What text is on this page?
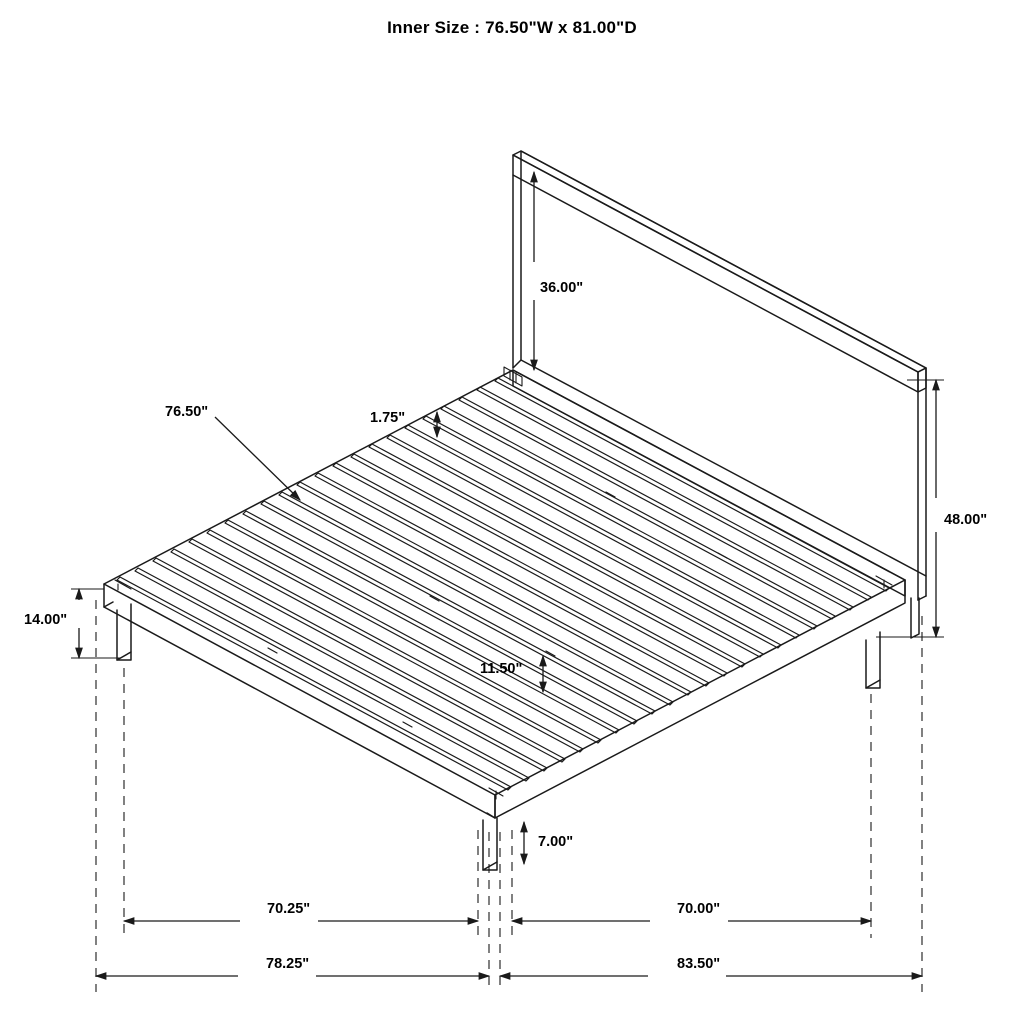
Inner Size : 76.50"W x 81.00"D
36.00"
76.50"	1.75"
48.00"
14.00"
11.50"
7.00"
70.25"	70.00"
78.25"	83.50"
